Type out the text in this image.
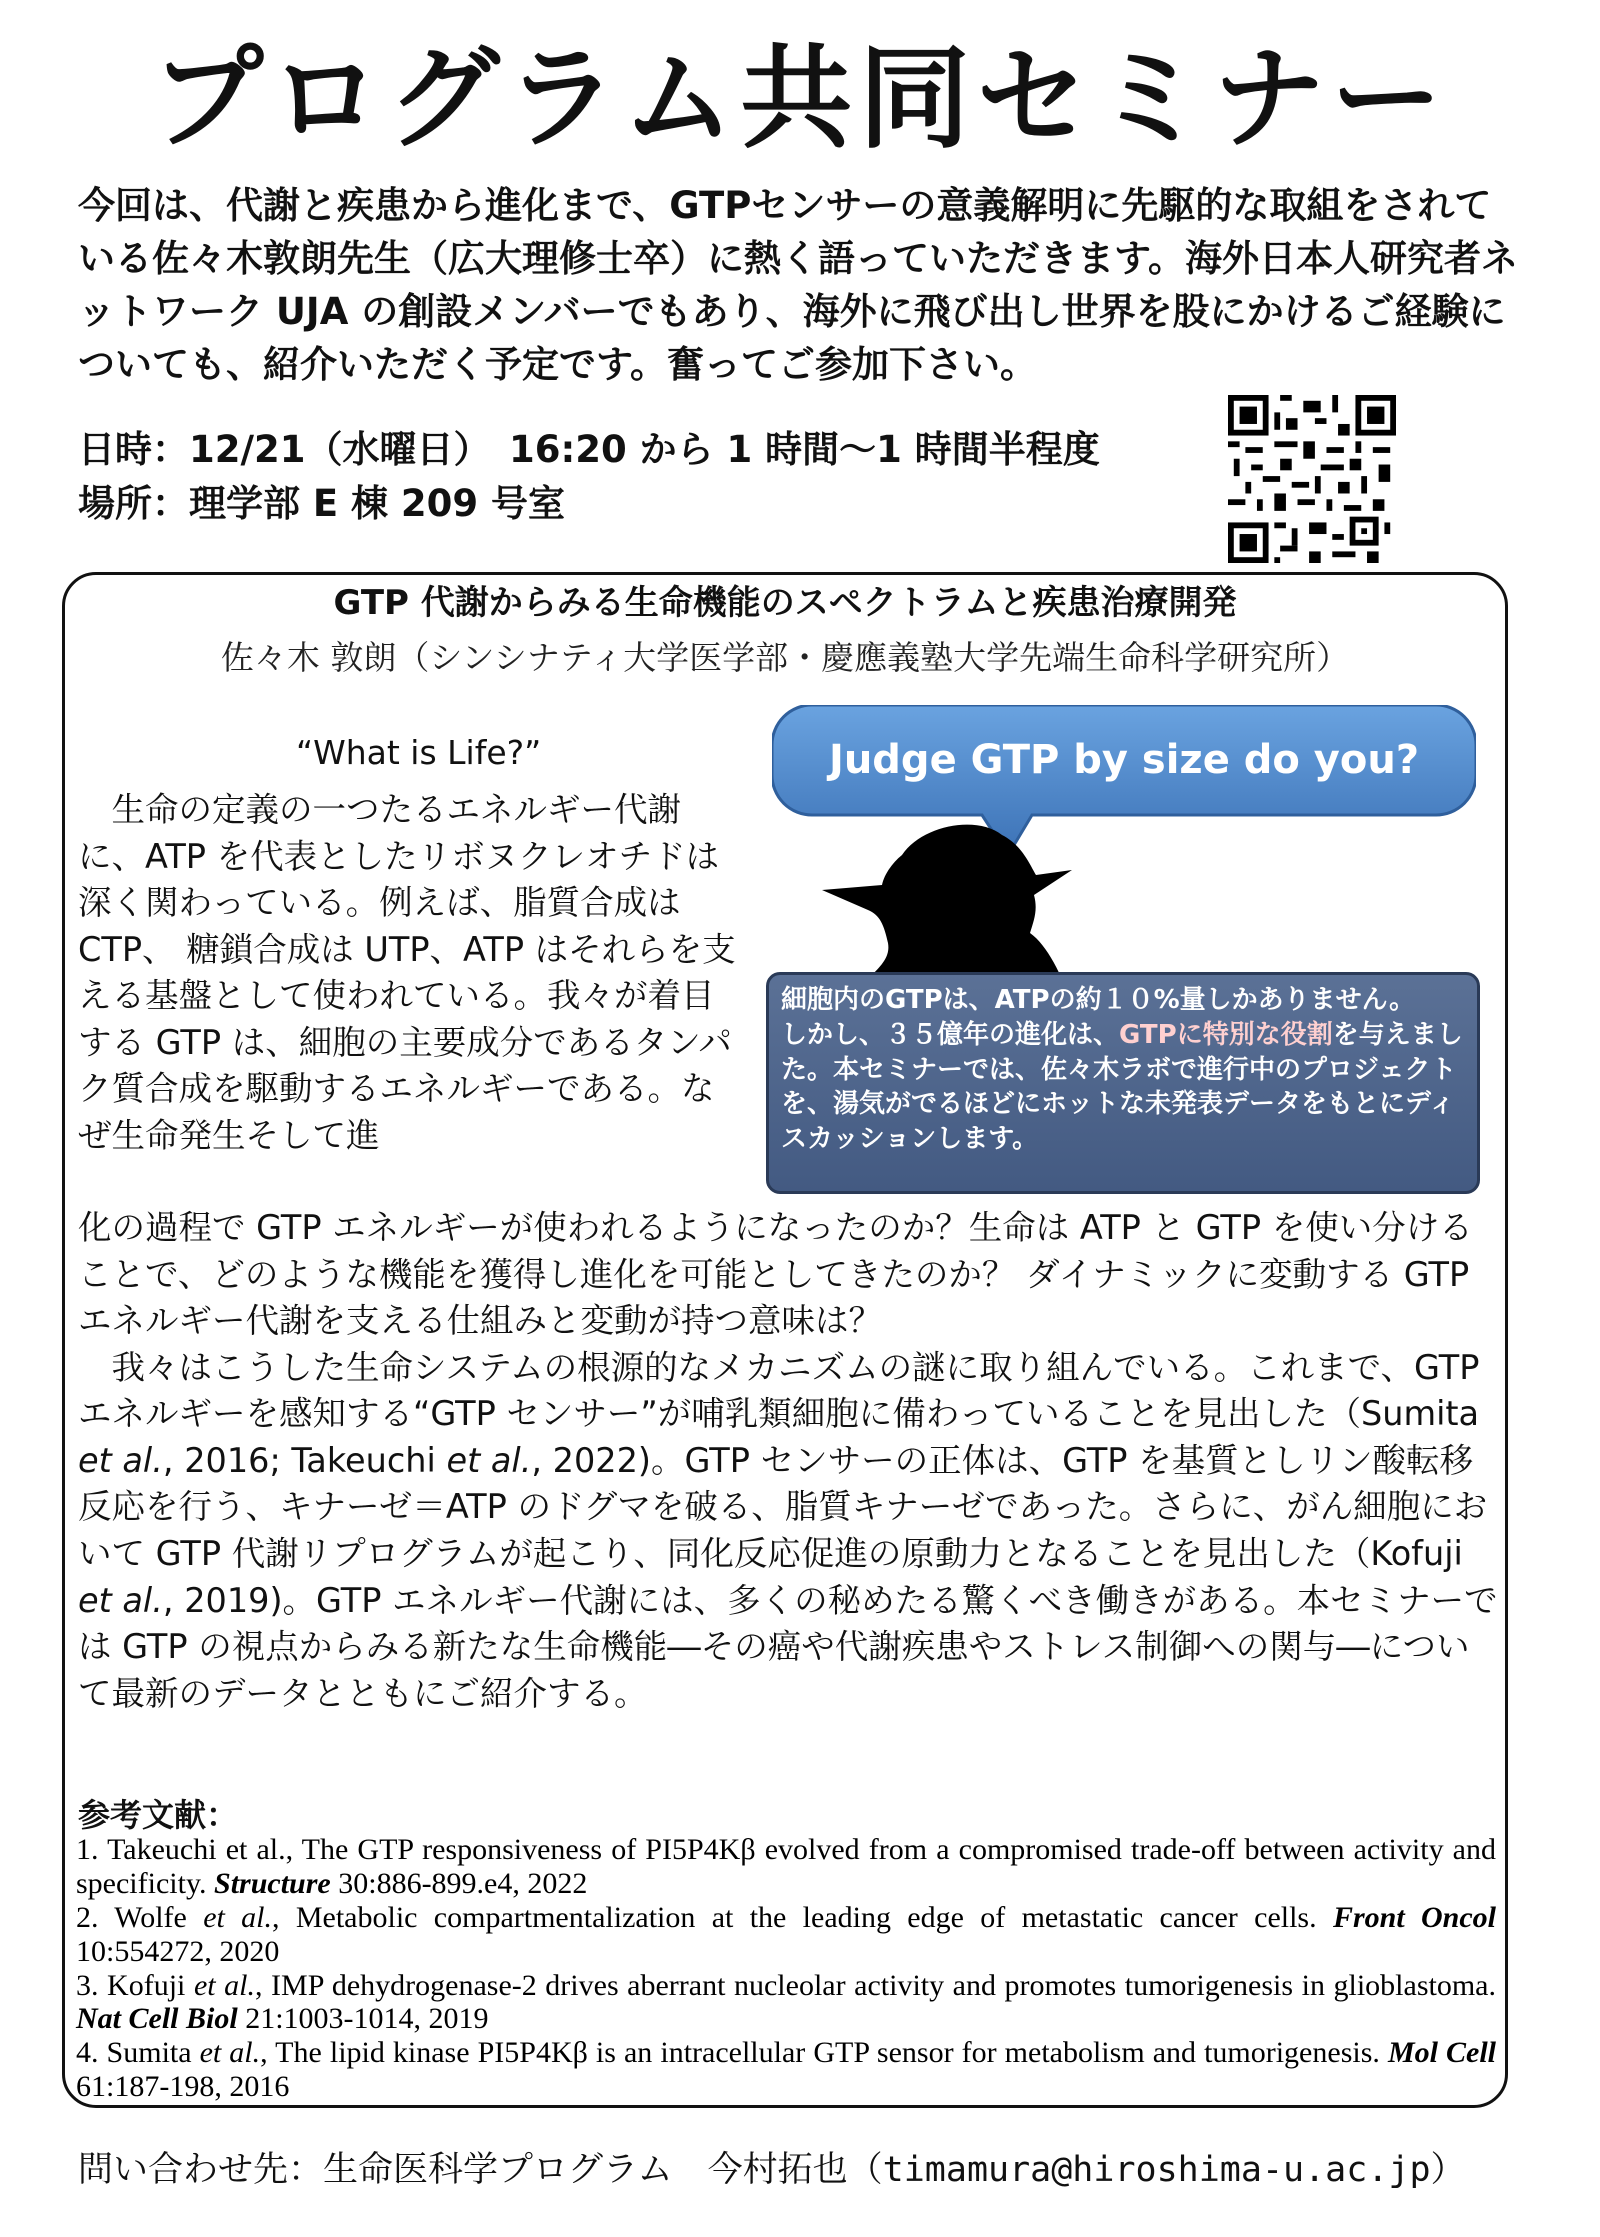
プログラム共同セミナー
今回は、代謝と疾患から進化まで、GTPセンサーの意義解明に先駆的な取組をされている佐々木敦朗先生（広大理修士卒）に熱く語っていただきます。海外日本人研究者ネットワーク UJA の創設メンバーでもあり、海外に飛び出し世界を股にかけるご経験についても、紹介いただく予定です。奮ってご参加下さい。
日時：12/21（水曜日）　16:20 から 1 時間〜1 時間半程度
場所：理学部 E 棟 209 号室
GTP 代謝からみる生命機能のスペクトラムと疾患治療開発
佐々木 敦朗（シンシナティ大学医学部・慶應義塾大学先端生命科学研究所）
“What is Life?”
　生命の定義の一つたるエネルギー代謝に、ATP を代表としたリボヌクレオチドは深く関わっている。例えば、脂質合成は CTP、 糖鎖合成は UTP、ATP はそれらを支える基盤として使われている。我々が着目する GTP は、細胞の主要成分であるタンパク質合成を駆動するエネルギーである。なぜ生命発生そして進
Judge GTP by size do you?
細胞内のGTPは、ATPの約１０%量しかありません。
しかし、３５億年の進化は、GTPに特別な役割を与えました。本セミナーでは、佐々木ラボで進行中のプロジェクトを、湯気がでるほどにホットな未発表データをもとにディスカッションします。
化の過程で GTP エネルギーが使われるようになったのか？生命は ATP と GTP を使い分けることで、どのような機能を獲得し進化を可能としてきたのか？ ダイナミックに変動する GTP エネルギー代謝を支える仕組みと変動が持つ意味は？
　我々はこうした生命システムの根源的なメカニズムの謎に取り組んでいる。これまで、GTP エネルギーを感知する“GTP センサー”が哺乳類細胞に備わっていることを見出した（Sumita et al., 2016; Takeuchi et al., 2022)。GTP センサーの正体は、GTP を基質としリン酸転移反応を行う、キナーゼ＝ATP のドグマを破る、脂質キナーゼであった。さらに、がん細胞において GTP 代謝リプログラムが起こり、同化反応促進の原動力となることを見出した（Kofuji et al., 2019)。GTP エネルギー代謝には、多くの秘めたる驚くべき働きがある。本セミナーでは GTP の視点からみる新たな生命機能―その癌や代謝疾患やストレス制御への関与―について最新のデータとともにご紹介する。
参考文献：

1. Takeuchi et al., The GTP responsiveness of PI5P4Kβ evolved from a compromised trade-off between activity and specificity. Structure 30:886-899.e4, 2022

2. Wolfe et al., Metabolic compartmentalization at the leading edge of metastatic cancer cells. Front Oncol 10:554272, 2020

3. Kofuji et al., IMP dehydrogenase-2 drives aberrant nucleolar activity and promotes tumorigenesis in glioblastoma. Nat Cell Biol 21:1003-1014, 2019

4. Sumita et al., The lipid kinase PI5P4Kβ is an intracellular GTP sensor for metabolism and tumorigenesis. Mol Cell 61:187-198, 2016

問い合わせ先：生命医科学プログラム　今村拓也（timamura@hiroshima-u.ac.jp）
